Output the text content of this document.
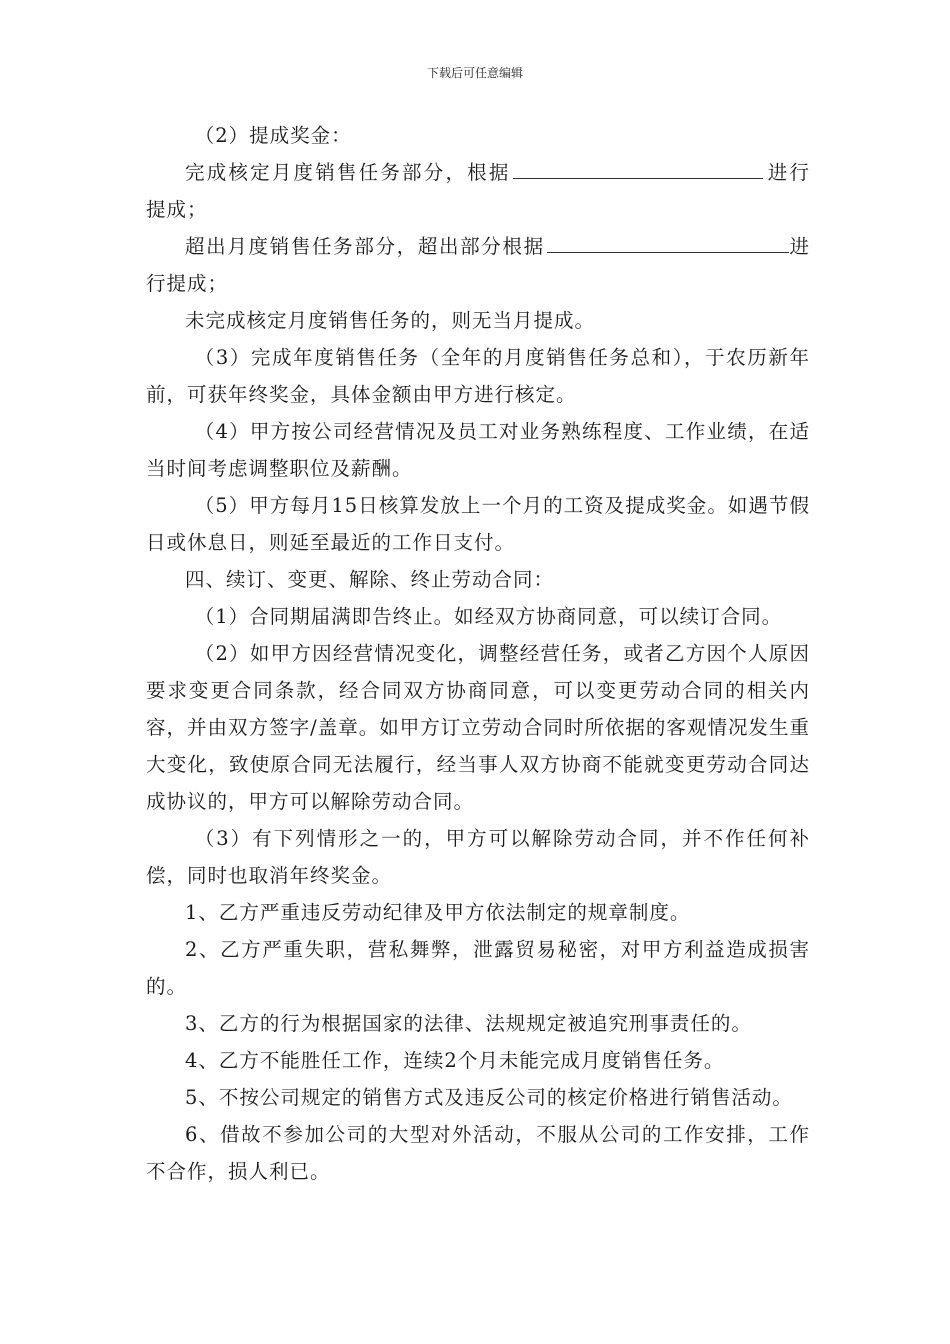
下载后可任意编辑

（2）提成奖金：

完成核定月度销售任务部分，根据	进行提成；

超出月度销售任务部分，超出部分根据	进行提成；

未完成核定月度销售任务的，则无当月提成。

（3）完成年度销售任务（全年的月度销售任务总和），于农历新年前，可获年终奖金，具体金额由甲方进行核定。

（4）甲方按公司经营情况及员工对业务熟练程度、工作业绩，在适当时间考虑调整职位及薪酬。

（5）甲方每月15日核算发放上一个月的工资及提成奖金。如遇节假日或休息日，则延至最近的工作日支付。

四、续订、变更、解除、终止劳动合同：

（1）合同期届满即告终止。如经双方协商同意，可以续订合同。

（2）如甲方因经营情况变化，调整经营任务，或者乙方因个人原因要求变更合同条款，经合同双方协商同意，可以变更劳动合同的相关内容，并由双方签字/盖章。如甲方订立劳动合同时所依据的客观情况发生重大变化，致使原合同无法履行，经当事人双方协商不能就变更劳动合同达成协议的，甲方可以解除劳动合同。

（3）有下列情形之一的，甲方可以解除劳动合同，并不作任何补偿，同时也取消年终奖金。

1、乙方严重违反劳动纪律及甲方依法制定的规章制度。

2、乙方严重失职，营私舞弊，泄露贸易秘密，对甲方利益造成损害的。

3、乙方的行为根据国家的法律、法规规定被追究刑事责任的。

4、乙方不能胜任工作，连续2个月未能完成月度销售任务。

5、不按公司规定的销售方式及违反公司的核定价格进行销售活动。

6、借故不参加公司的大型对外活动，不服从公司的工作安排，工作不合作，损人利已。
